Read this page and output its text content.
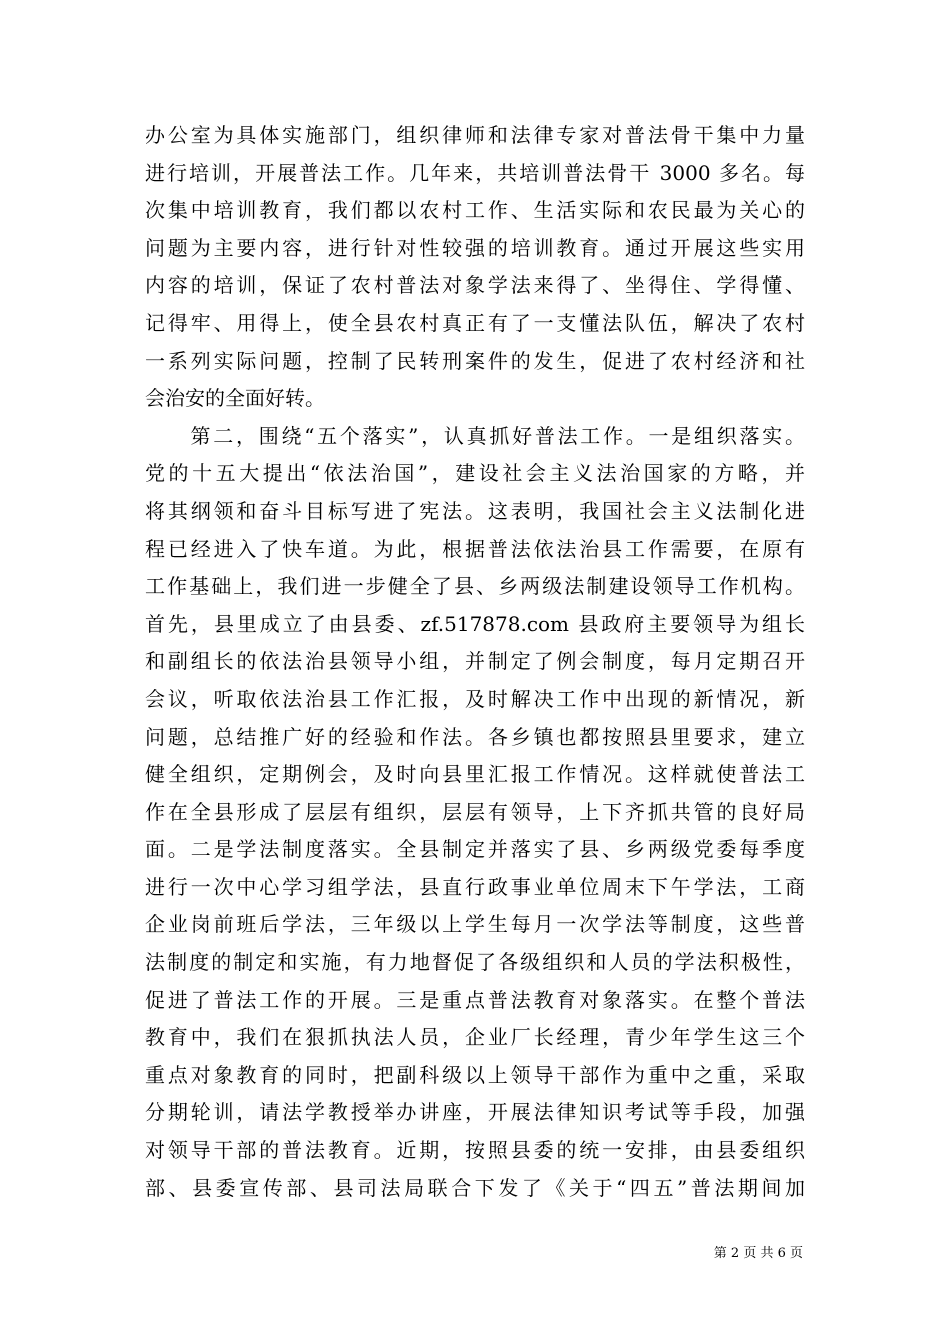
办公室为具体实施部门，组织律师和法律专家对普法骨干集中力量
进行培训，开展普法工作。几年来，共培训普法骨干 3000 多名。每
次集中培训教育，我们都以农村工作、生活实际和农民最为关心的
问题为主要内容，进行针对性较强的培训教育。通过开展这些实用
内容的培训，保证了农村普法对象学法来得了、坐得住、学得懂、
记得牢、用得上，使全县农村真正有了一支懂法队伍，解决了农村
一系列实际问题，控制了民转刑案件的发生，促进了农村经济和社
会治安的全面好转。
　　第二，围绕“五个落实”，认真抓好普法工作。一是组织落实。
党的十五大提出“依法治国”，建设社会主义法治国家的方略，并
将其纲领和奋斗目标写进了宪法。这表明，我国社会主义法制化进
程已经进入了快车道。为此，根据普法依法治县工作需要，在原有
工作基础上，我们进一步健全了县、乡两级法制建设领导工作机构。
首先，县里成立了由县委、zf.517878.com 县政府主要领导为组长
和副组长的依法治县领导小组，并制定了例会制度，每月定期召开
会议，听取依法治县工作汇报，及时解决工作中出现的新情况，新
问题，总结推广好的经验和作法。各乡镇也都按照县里要求，建立
健全组织，定期例会，及时向县里汇报工作情况。这样就使普法工
作在全县形成了层层有组织，层层有领导，上下齐抓共管的良好局
面。二是学法制度落实。全县制定并落实了县、乡两级党委每季度
进行一次中心学习组学法，县直行政事业单位周末下午学法，工商
企业岗前班后学法，三年级以上学生每月一次学法等制度，这些普
法制度的制定和实施，有力地督促了各级组织和人员的学法积极性，
促进了普法工作的开展。三是重点普法教育对象落实。在整个普法
教育中，我们在狠抓执法人员，企业厂长经理，青少年学生这三个
重点对象教育的同时，把副科级以上领导干部作为重中之重，采取
分期轮训，请法学教授举办讲座，开展法律知识考试等手段，加强
对领导干部的普法教育。近期，按照县委的统一安排，由县委组织
部、县委宣传部、县司法局联合下发了《关于“四五”普法期间加
第 2 页 共 6 页
